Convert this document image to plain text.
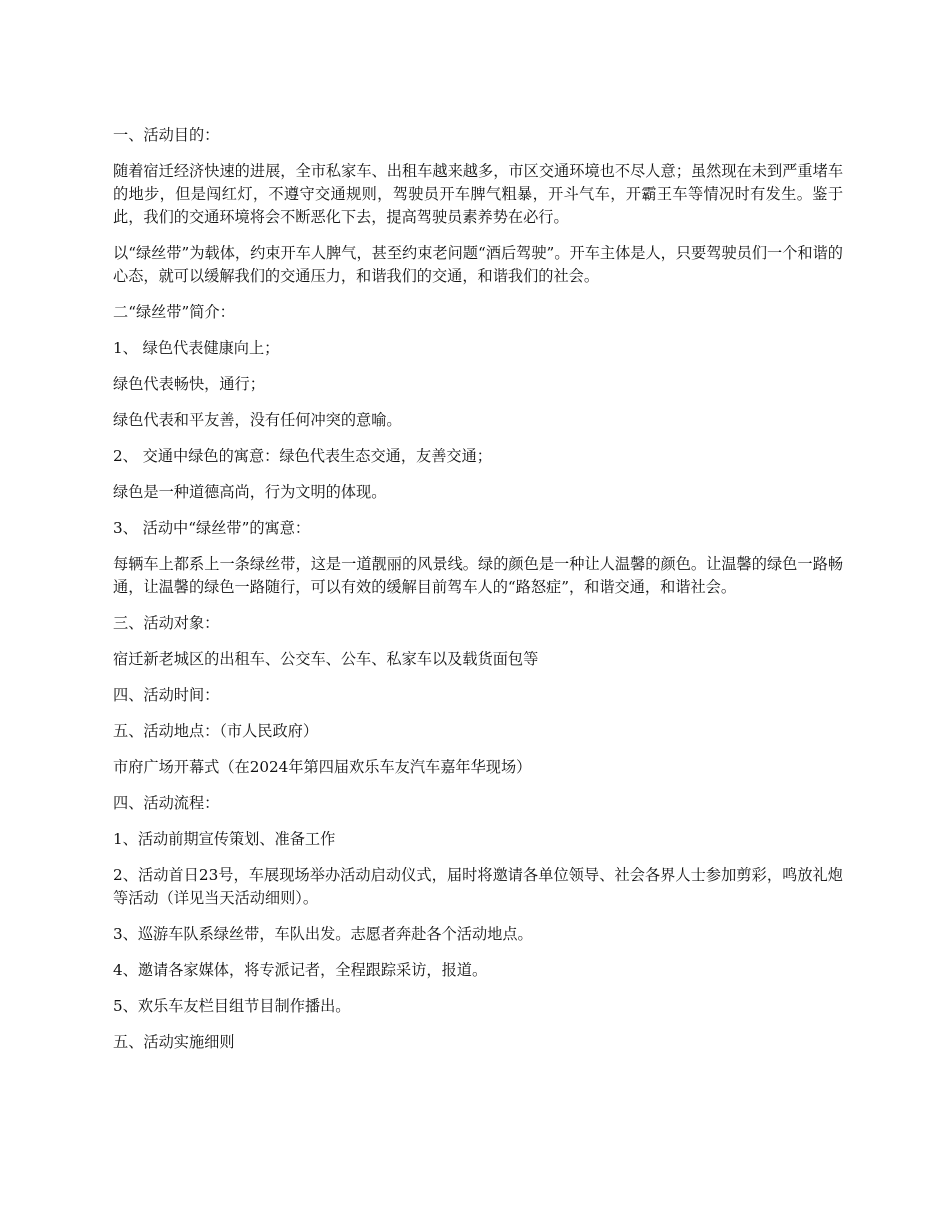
一、活动目的：

随着宿迁经济快速的进展，全市私家车、出租车越来越多，市区交通环境也不尽人意；虽然现在未到严重堵车的地步，但是闯红灯，不遵守交通规则，驾驶员开车脾气粗暴，开斗气车，开霸王车等情况时有发生。鉴于此，我们的交通环境将会不断恶化下去，提高驾驶员素养势在必行。

以“绿丝带”为载体，约束开车人脾气，甚至约束老问题“酒后驾驶”。开车主体是人，只要驾驶员们一个和谐的心态，就可以缓解我们的交通压力，和谐我们的交通，和谐我们的社会。

二“绿丝带”简介：

1、 绿色代表健康向上；

绿色代表畅快，通行；

绿色代表和平友善，没有任何冲突的意喻。

2、 交通中绿色的寓意：绿色代表生态交通，友善交通；

绿色是一种道德高尚，行为文明的体现。

3、 活动中“绿丝带”的寓意：

每辆车上都系上一条绿丝带，这是一道靓丽的风景线。绿的颜色是一种让人温馨的颜色。让温馨的绿色一路畅通，让温馨的绿色一路随行，可以有效的缓解目前驾车人的“路怒症”，和谐交通，和谐社会。

三、活动对象：

宿迁新老城区的出租车、公交车、公车、私家车以及载货面包等

四、活动时间：

五、活动地点：（市人民政府）

市府广场开幕式（在2024年第四届欢乐车友汽车嘉年华现场）

四、活动流程：

1、活动前期宣传策划、准备工作

2、活动首日23号，车展现场举办活动启动仪式，届时将邀请各单位领导、社会各界人士参加剪彩，鸣放礼炮等活动（详见当天活动细则）。

3、巡游车队系绿丝带，车队出发。志愿者奔赴各个活动地点。

4、邀请各家媒体，将专派记者，全程跟踪采访，报道。

5、欢乐车友栏目组节目制作播出。

五、活动实施细则
